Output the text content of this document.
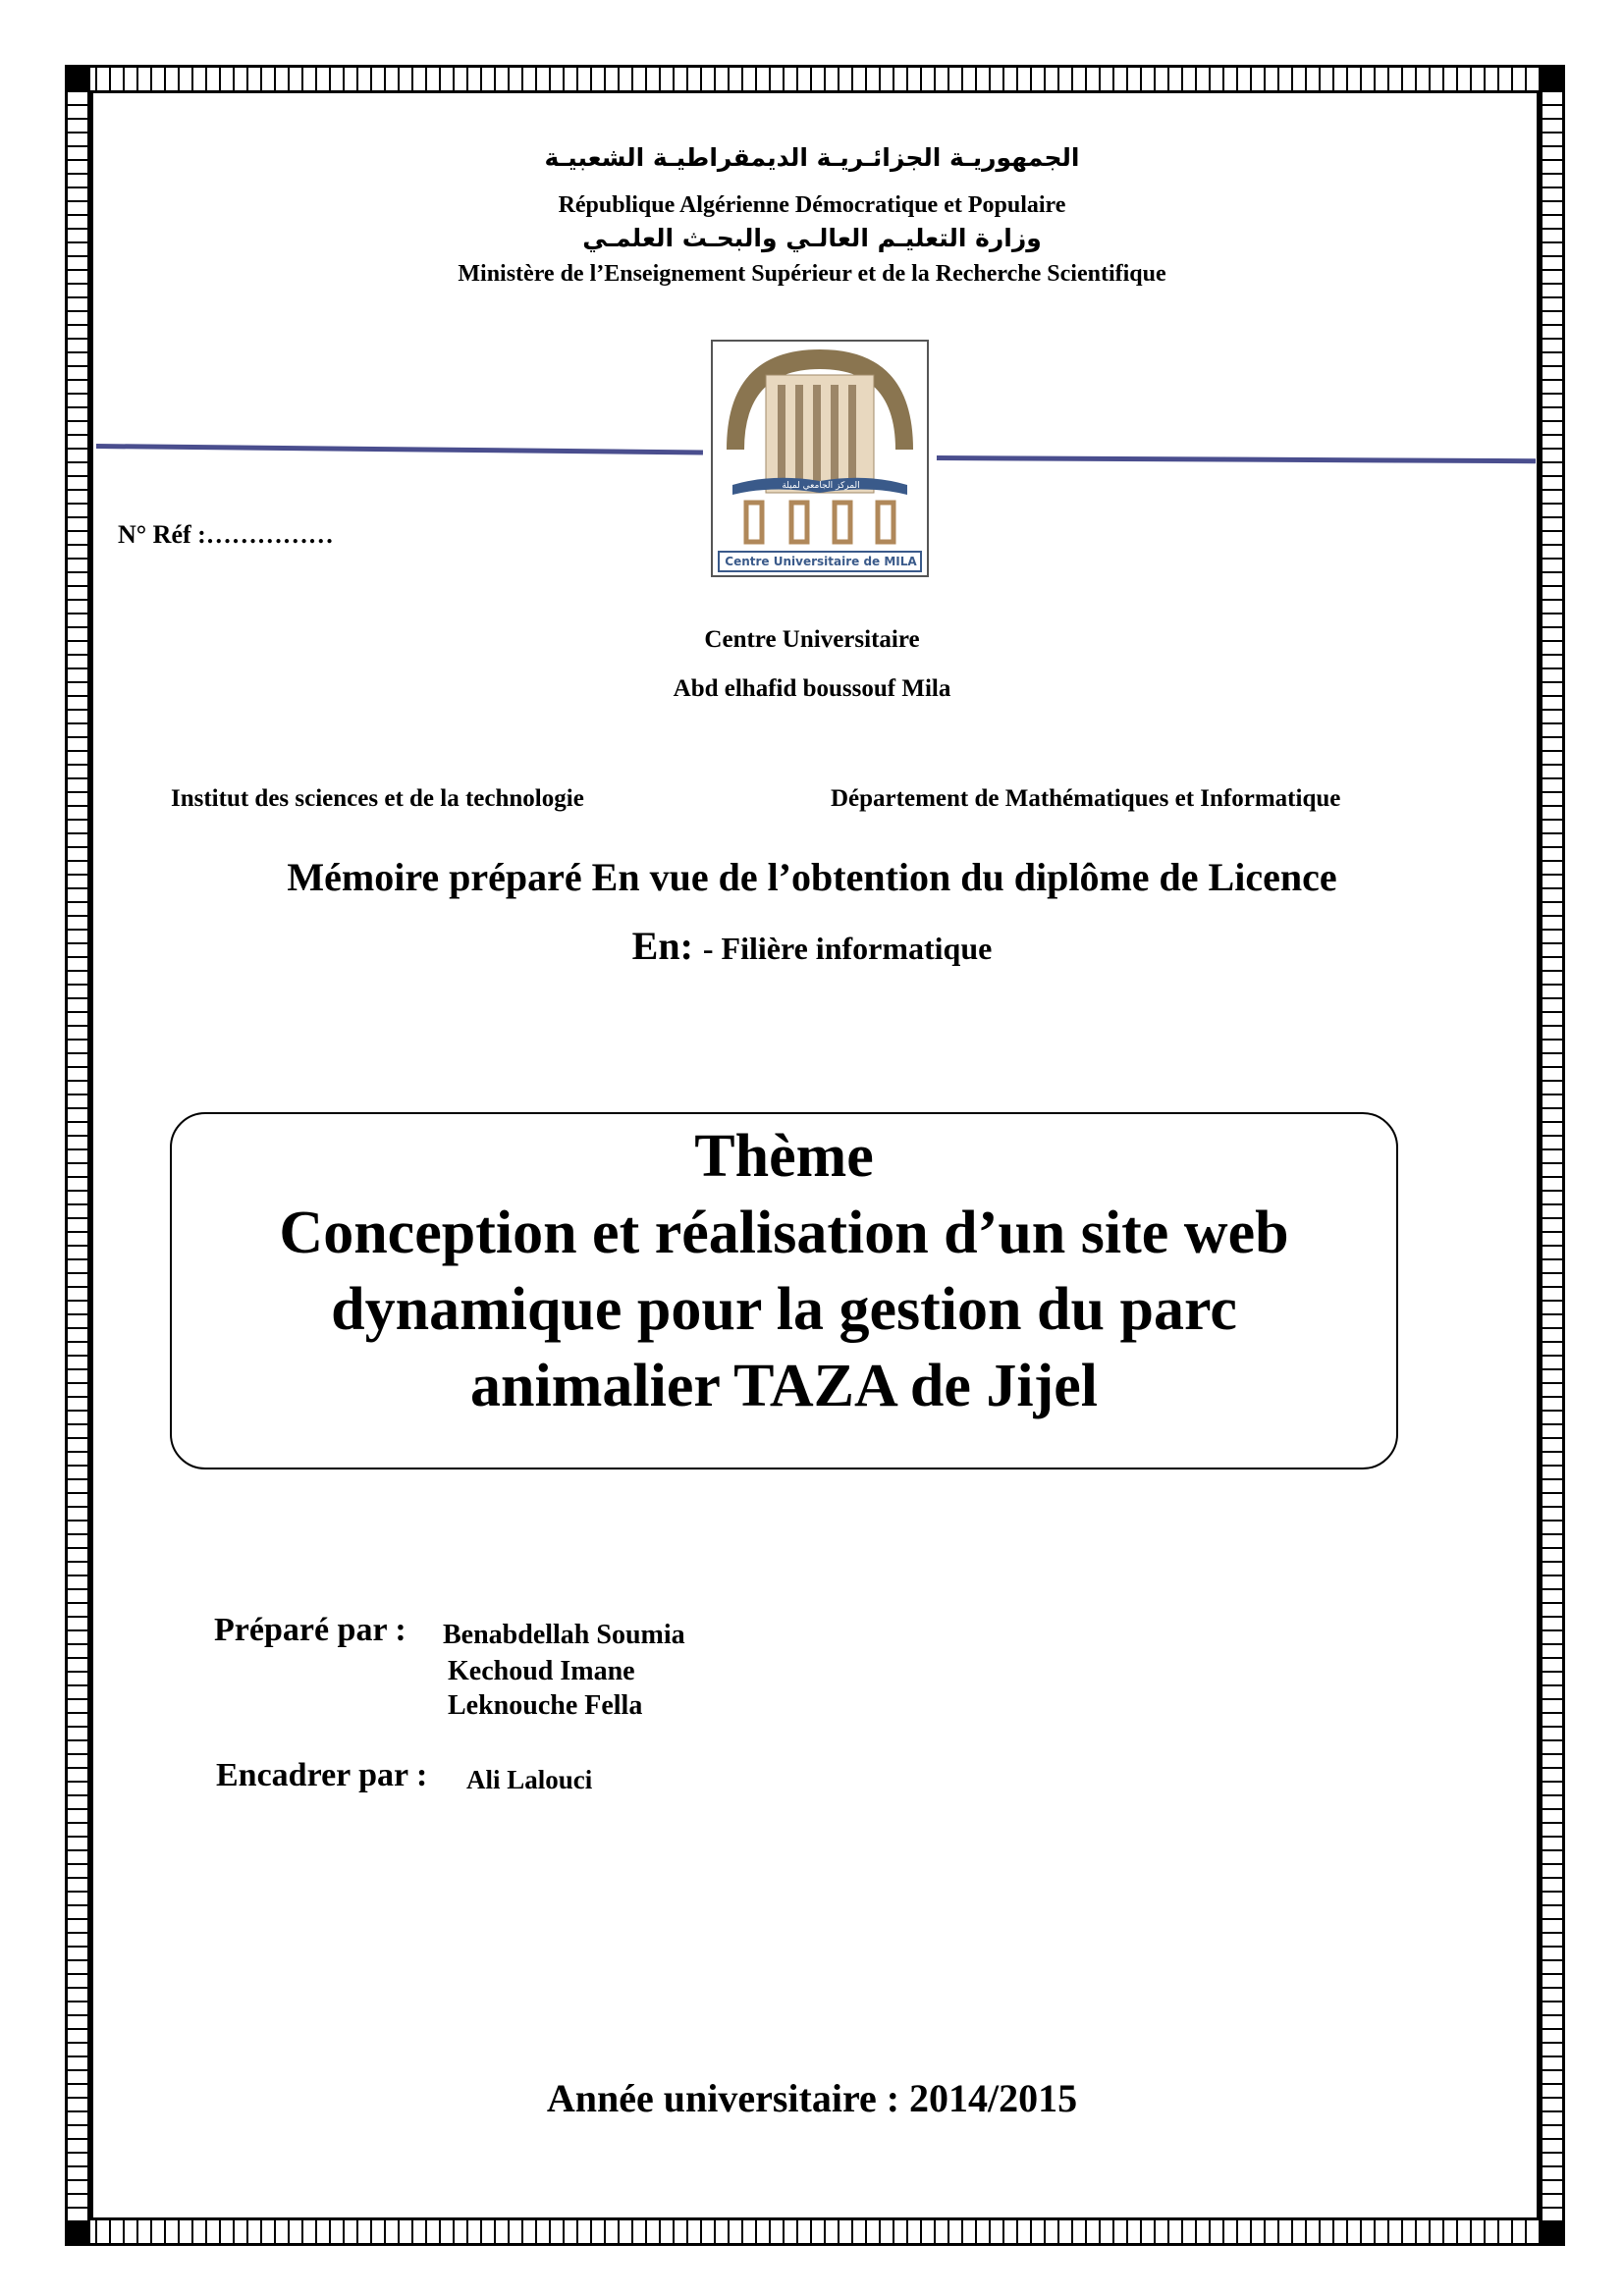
الجمهوريـة الجزائـريـة الديمقراطيـة الشعبيـة
République Algérienne Démocratique et Populaire
وزارة التعليـم العالـي والبحـث العلمـي
Ministère de l’Enseignement Supérieur et de la Recherche Scientifique
Centre Universitaire de MILA
المركز الجامعي لميلة
N° Réf :……………
Centre Universitaire
Abd elhafid boussouf Mila
Institut des sciences et de la technologie	Département de Mathématiques et Informatique
Mémoire préparé En vue de l’obtention du diplôme de Licence
En: - Filière informatique
Thème
Conception et réalisation d’un site web
dynamique pour la gestion du parc
animalier TAZA de Jijel
Préparé par : Benabdellah Soumia
Kechoud Imane
Leknouche Fella
Encadrer par : Ali Lalouci
Année universitaire : 2014/2015
